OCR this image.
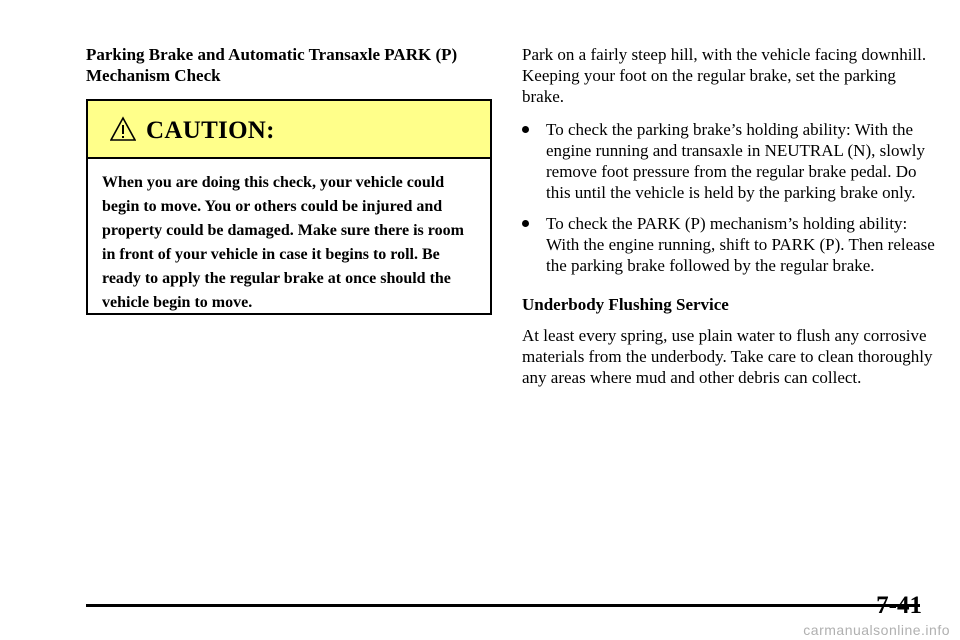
Parking Brake and Automatic Transaxle PARK (P) Mechanism Check

CAUTION:
When you are doing this check, your vehicle could begin to move. You or others could be injured and property could be damaged. Make sure there is room in front of your vehicle in case it begins to roll. Be ready to apply the regular brake at once should the vehicle begin to move.

Park on a fairly steep hill, with the vehicle facing downhill. Keeping your foot on the regular brake, set the parking brake.

To check the parking brake’s holding ability: With the engine running and transaxle in NEUTRAL (N), slowly remove foot pressure from the regular brake pedal. Do this until the vehicle is held by the parking brake only.
To check the PARK (P) mechanism’s holding ability: With the engine running, shift to PARK (P). Then release the parking brake followed by the regular brake.

Underbody Flushing Service

At least every spring, use plain water to flush any corrosive materials from the underbody. Take care to clean thoroughly any areas where mud and other debris can collect.

7-41
carmanualsonline.info
